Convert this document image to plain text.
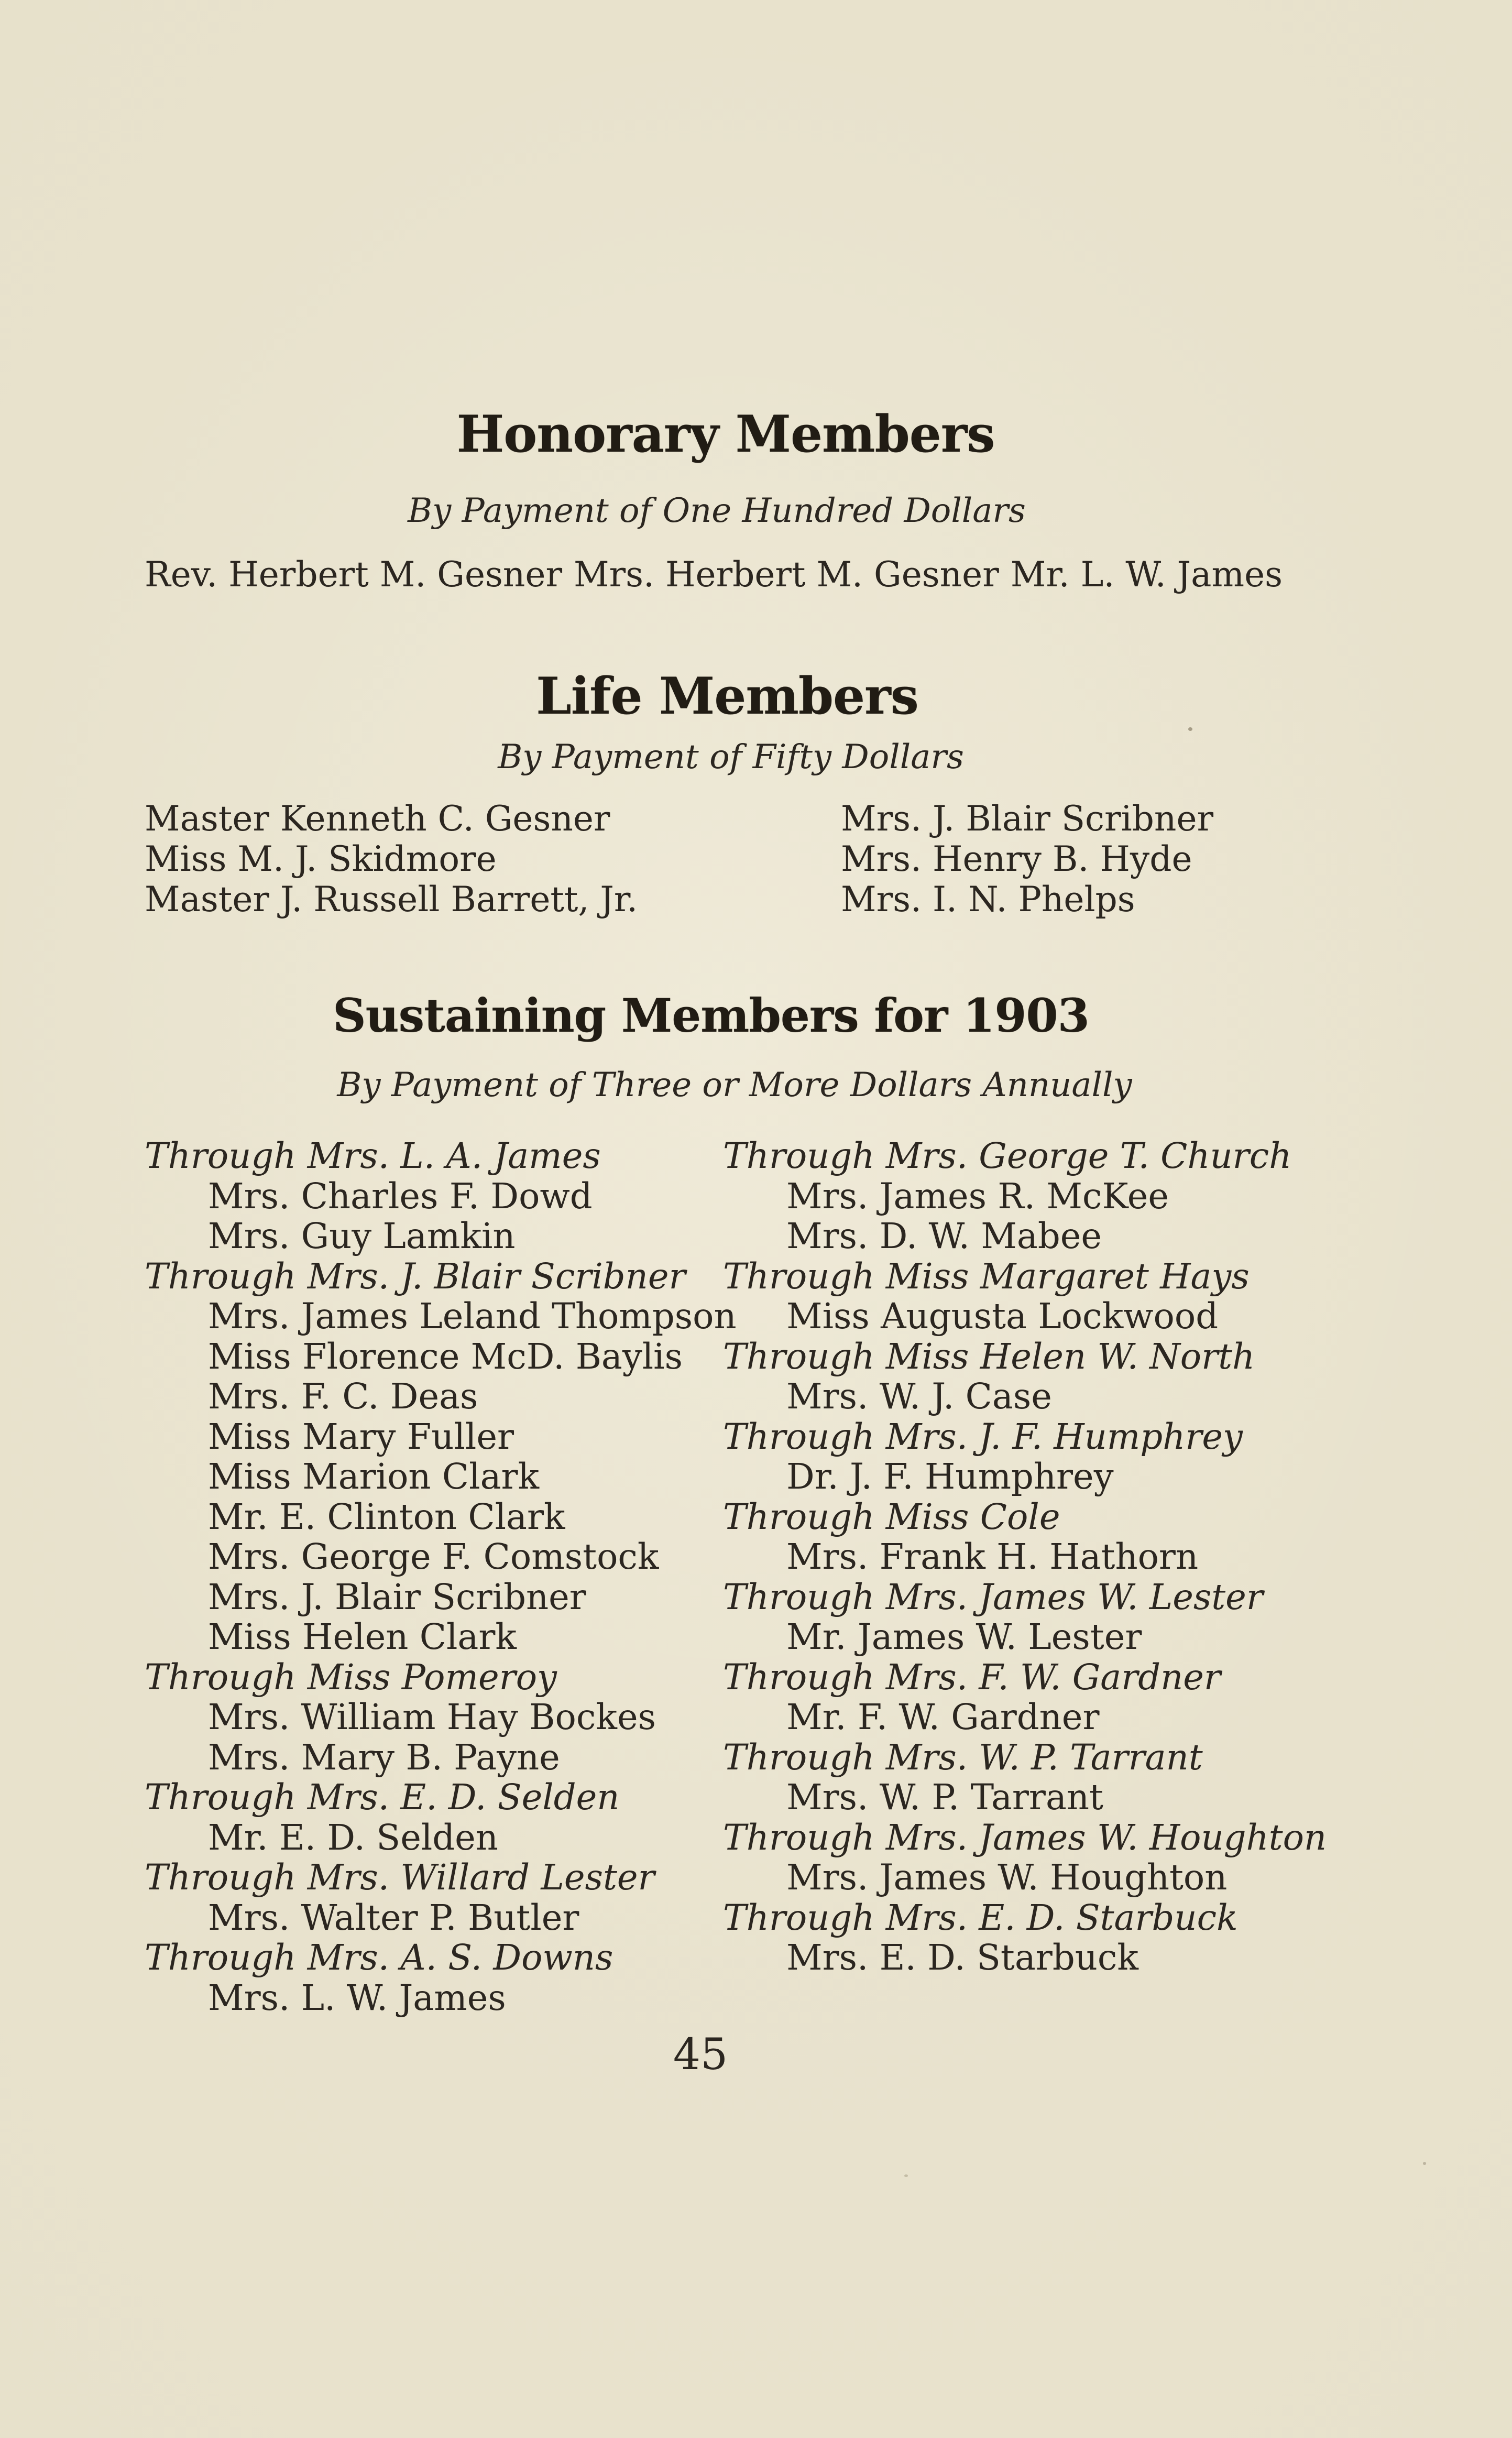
Honorary Members
By Payment of One Hundred Dollars
Rev. Herbert M. Gesner Mrs. Herbert M. Gesner Mr. L. W. James
Life Members
By Payment of Fifty Dollars
Master Kenneth C. Gesner
Miss M. J. Skidmore
Master J. Russell Barrett, Jr.
Mrs. J. Blair Scribner
Mrs. Henry B. Hyde
Mrs. I. N. Phelps
Sustaining Members for 1903
By Payment of Three or More Dollars Annually
Through Mrs. L. A. James
Mrs. Charles F. Dowd
Mrs. Guy Lamkin
Through Mrs. J. Blair Scribner
Mrs. James Leland Thompson
Miss Florence McD. Baylis
Mrs. F. C. Deas
Miss Mary Fuller
Miss Marion Clark
Mr. E. Clinton Clark
Mrs. George F. Comstock
Mrs. J. Blair Scribner
Miss Helen Clark
Through Miss Pomeroy
Mrs. William Hay Bockes
Mrs. Mary B. Payne
Through Mrs. E. D. Selden
Mr. E. D. Selden
Through Mrs. Willard Lester
Mrs. Walter P. Butler
Through Mrs. A. S. Downs
Mrs. L. W. James
Through Mrs. George T. Church
Mrs. James R. McKee
Mrs. D. W. Mabee
Through Miss Margaret Hays
Miss Augusta Lockwood
Through Miss Helen W. North
Mrs. W. J. Case
Through Mrs. J. F. Humphrey
Dr. J. F. Humphrey
Through Miss Cole
Mrs. Frank H. Hathorn
Through Mrs. James W. Lester
Mr. James W. Lester
Through Mrs. F. W. Gardner
Mr. F. W. Gardner
Through Mrs. W. P. Tarrant
Mrs. W. P. Tarrant
Through Mrs. James W. Houghton
Mrs. James W. Houghton
Through Mrs. E. D. Starbuck
Mrs. E. D. Starbuck
45
